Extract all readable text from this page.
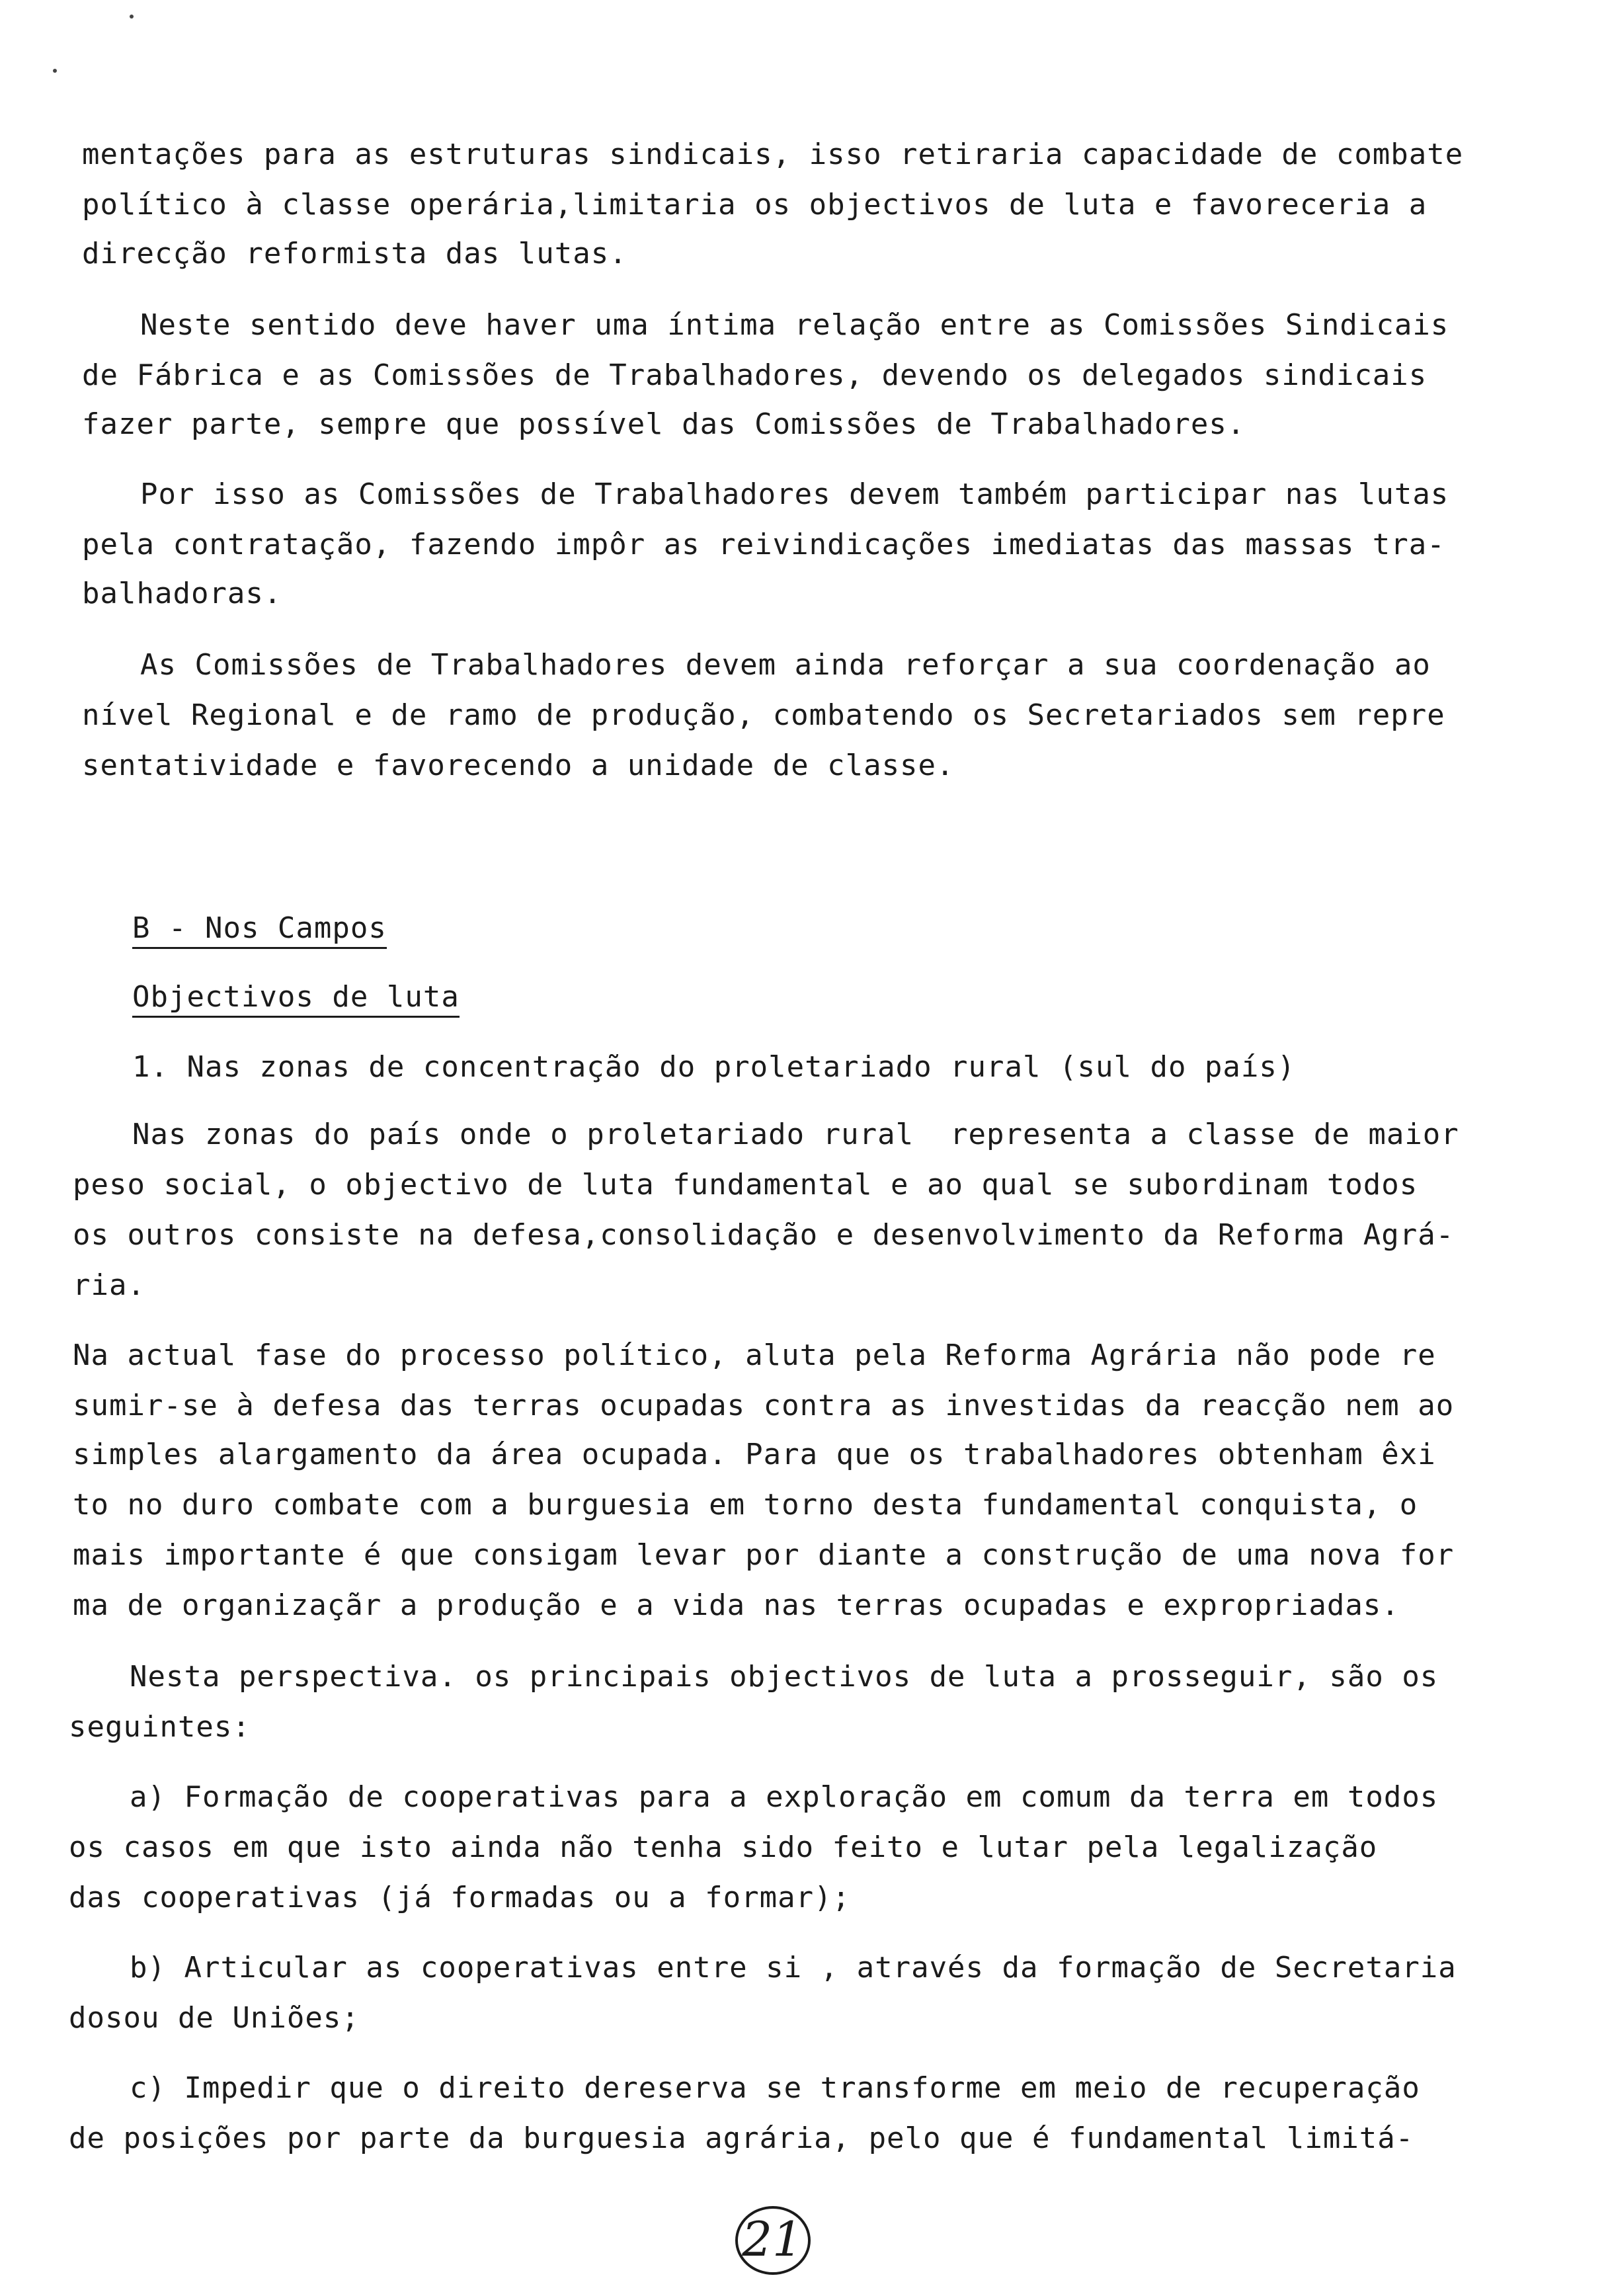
mentações para as estruturas sindicais, isso retiraria capacidade de combate
político à classe operária,limitaria os objectivos de luta e favoreceria a
direcção reformista das lutas.
Neste sentido deve haver uma íntima relação entre as Comissões Sindicais
de Fábrica e as Comissões de Trabalhadores, devendo os delegados sindicais
fazer parte, sempre que possível das Comissões de Trabalhadores.
Por isso as Comissões de Trabalhadores devem também participar nas lutas
pela contratação, fazendo impôr as reivindicações imediatas das massas tra-
balhadoras.
As Comissões de Trabalhadores devem ainda reforçar a sua coordenação ao
nível Regional e de ramo de produção, combatendo os Secretariados sem repre
sentatividade e favorecendo a unidade de classe.
B - Nos Campos
Objectivos de luta
1. Nas zonas de concentração do proletariado rural (sul do país)
Nas zonas do país onde o proletariado rural  representa a classe de maior
peso social, o objectivo de luta fundamental e ao qual se subordinam todos
os outros consiste na defesa,consolidação e desenvolvimento da Reforma Agrá-
ria.
Na actual fase do processo político, aluta pela Reforma Agrária não pode re
sumir-se à defesa das terras ocupadas contra as investidas da reacção nem ao
simples alargamento da área ocupada. Para que os trabalhadores obtenham êxi
to no duro combate com a burguesia em torno desta fundamental conquista, o
mais importante é que consigam levar por diante a construção de uma nova for
ma de organizaçãr a produção e a vida nas terras ocupadas e expropriadas.
Nesta perspectiva. os principais objectivos de luta a prosseguir, são os
seguintes:
a) Formação de cooperativas para a exploração em comum da terra em todos
os casos em que isto ainda não tenha sido feito e lutar pela legalização
das cooperativas (já formadas ou a formar);
b) Articular as cooperativas entre si , através da formação de Secretaria
dosou de Uniões;
c) Impedir que o direito dereserva se transforme em meio de recuperação
de posições por parte da burguesia agrária, pelo que é fundamental limitá-
21
